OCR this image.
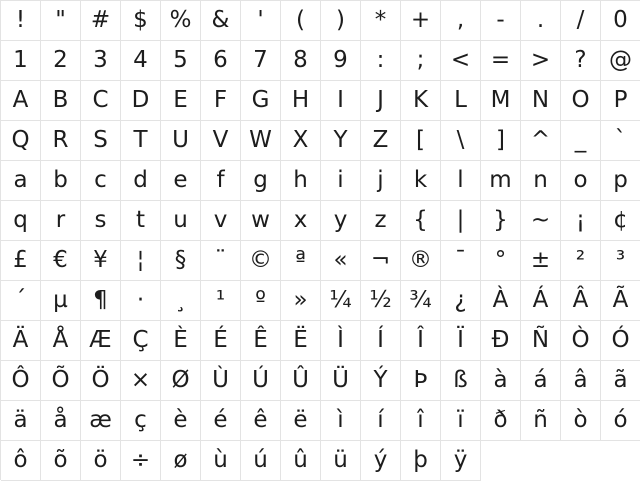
!	"	#	$ % &	'	(	)	*	+	,	-	.	/	0
1	2	3	4	5	6	7	8	9	:	;	< = >	? @
A	B	C	D	E	F	G H	I	J	K	L	M N O	P
Q R	S	T	U	V W X	Y	Z	[	\	]	^	_	`
a	b	c	d	e	f	g	h	i	j	k	l	m n	o	p
q	r	s	t	u	v	w	x	y	z	{	|	}	~	¡	¢
£	€	¥	¦	§	¨ ©	ª	«	¬ ® ¯	°	±	²	³
´	µ	¶	·	¸	¹	º	» ¼ ½ ¾ ¿	À	Á	Â	Ã
Ä	Å Æ Ç	È	É	Ê	Ë	Ì	Í	Î	Ï	Ð Ñ Ò Ó
Ô Õ Ö × Ø Ù	Ú	Û	Ü	Ý	Þ	ß	à	á	â	ã
ä	å æ ç	è	é	ê	ë	ì	í	î	ï	ð	ñ	ò	ó
ô	õ	ö	÷	ø	ù	ú	û	ü	ý	þ	ÿ
